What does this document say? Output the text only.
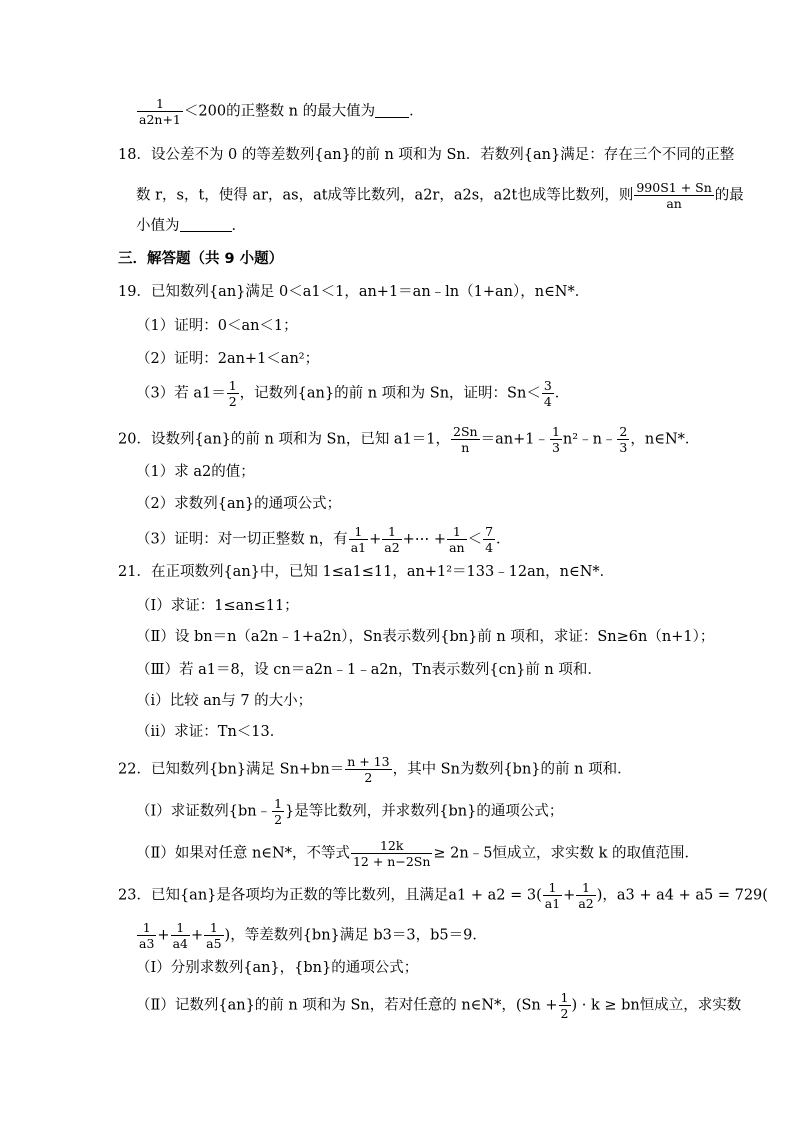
$\frac{1}{a2n+1} <200$的正整数 n 的最大值为 ．
18．设公差不为 0 的等差数列{an}的前 n 项和为 Sn．若数列{an}满足：存在三个不同的正整
数 r，s，t，使得 ar，as，at成等比数列，a2r，a2s，a2t也成等比数列，则 $\frac{990S1 + Sn}{an}$ 的最
小值为	．
三．解答题（共 9 小题）
19．已知数列{an}满足 0＜a1＜1，an+1＝an﹣ln（1+an），n∈N*．
（1）证明：0＜an＜1；
（2）证明：2an+1＜an²；
（3）若 $a1= \frac{1}{2}$ ，记数列{an}的前 n 项和为 Sn，证明：$Sn< \frac{3}{4}$ ．
20．设数列{an}的前 n 项和为 Sn，已知 a1＝1， $\frac{2Sn}{n}$ ＝an+1﹣ $\frac{1}{3}$ n²﹣n﹣ $\frac{2}{3}$ ，n∈N*．
（1）求 a2的值；
（2）求数列{an}的通项公式；
（3）证明：对一切正整数 n，有 $\frac{1}{a1} + \frac{1}{a2}$ +⋯ + $\frac{1}{an} < \frac{7}{4}$ ．
21．在正项数列{an}中，已知 1≤a1≤11，an+1²＝133﹣12an，n∈N*．
（Ⅰ）求证：1≤an≤11；
（Ⅱ）设 bn＝n（a2n﹣1+a2n），Sn表示数列{bn}前 n 项和，求证：Sn≥6n（n+1）；
（Ⅲ）若 a1＝8，设 cn＝a2n﹣1﹣a2n，Tn表示数列{cn}前 n 项和．
（i）比较 an与 7 的大小；
（ii）求证：Tn＜13．
22．已知数列{bn}满足 $Sn+bn= \frac{n + 13}{2}$ ，其中 Sn为数列{bn}的前 n 项和．
（Ⅰ）求证数列{bn﹣ $\frac{1}{2}$ }是等比数列，并求数列{bn}的通项公式；
（Ⅱ）如果对任意 n∈N*，不等式 $\frac{12k}{12 + n-2Sn}$ ≥ 2n﹣5恒成立，求实数 k 的取值范围．
23．已知{an}是各项均为正数的等比数列，且满足$a1 + a2 = 3( \frac{1}{a1} + \frac{1}{a2}$ )，a3 + a4 + a5 = 729(
$\frac{1}{a3} + \frac{1}{a4} + \frac{1}{a5}$ )，等差数列{bn}满足 b3＝3，b5＝9．
（Ⅰ）分别求数列{an}，{bn}的通项公式；
（Ⅱ）记数列{an}的前 n 项和为 Sn，若对任意的 n∈N*，($Sn + \frac{1}{2}$ ) · k ≥ bn恒成立，求实数
